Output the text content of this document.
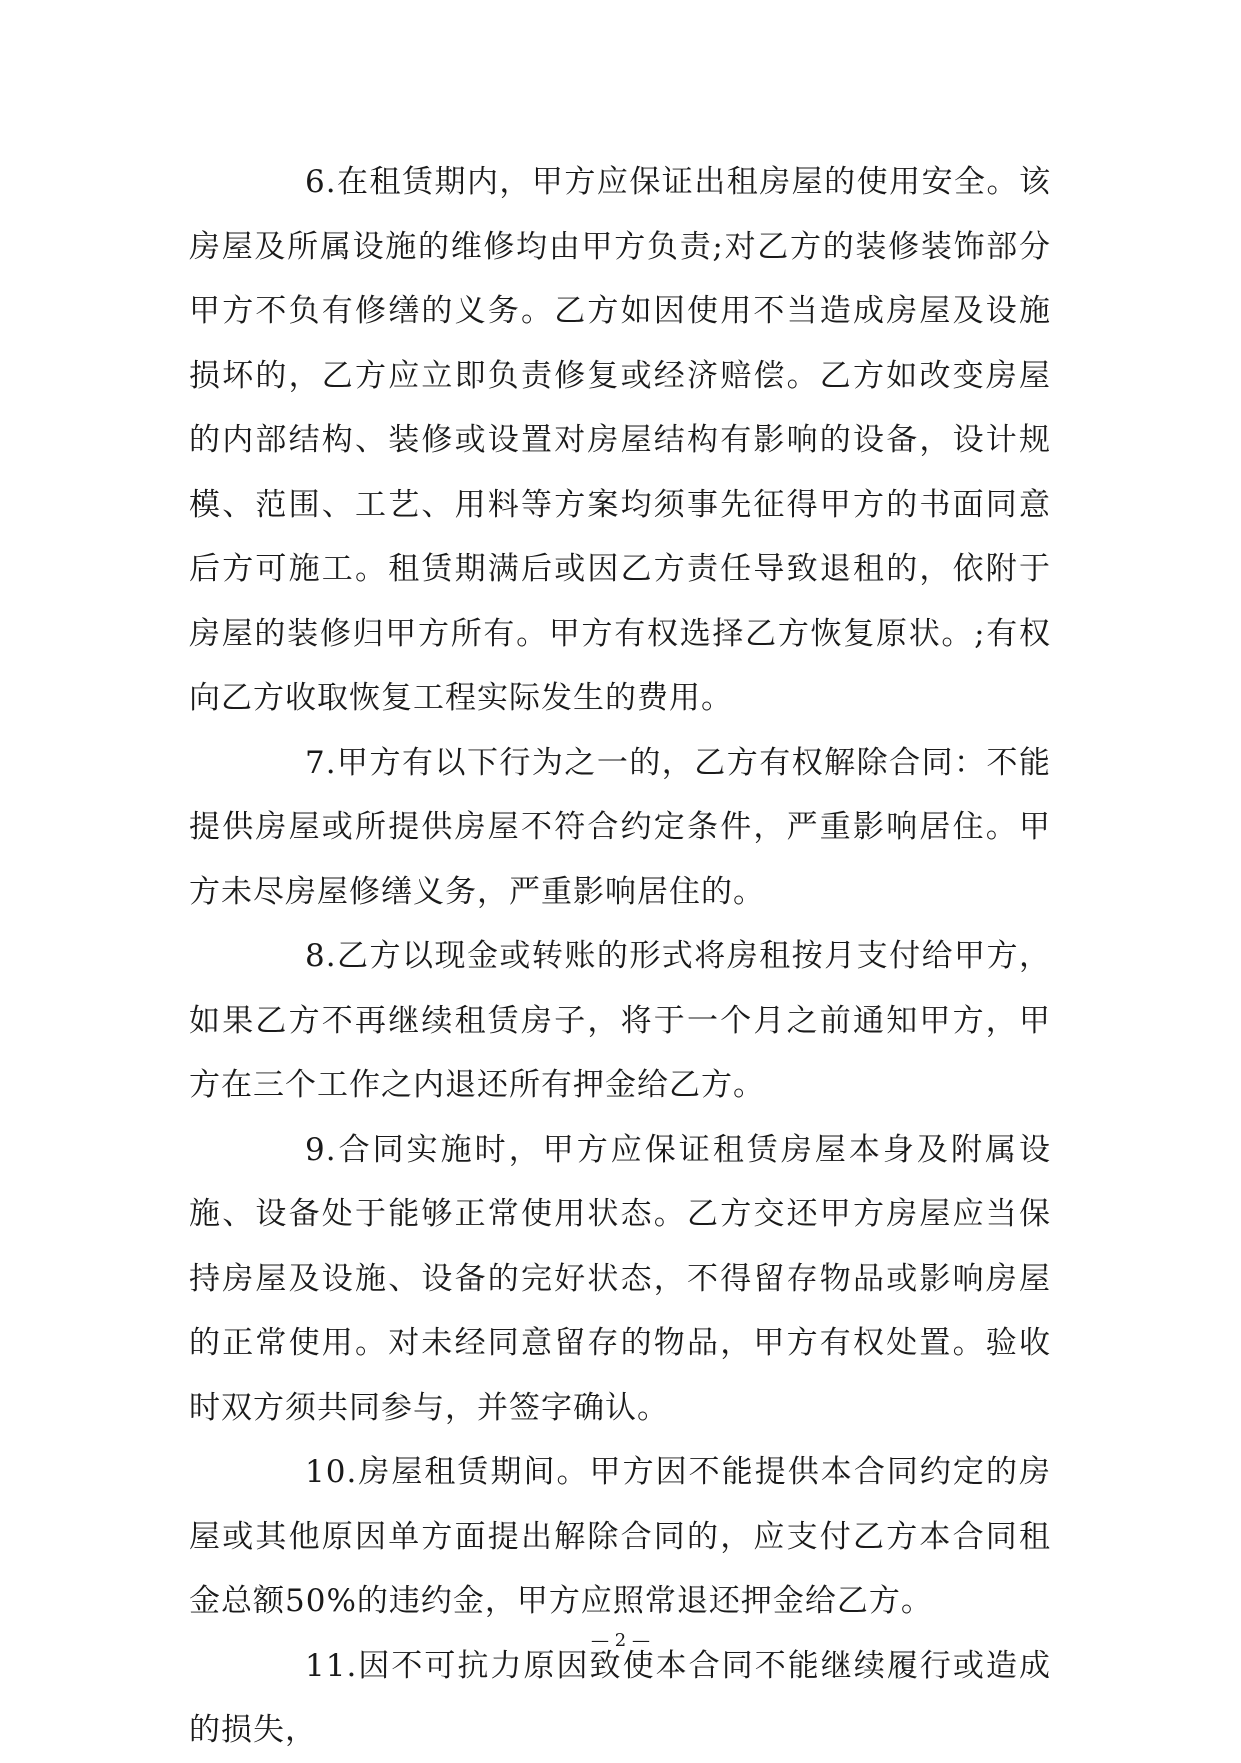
6.在租赁期内，甲方应保证出租房屋的使用安全。该房屋及所属设施的维修均由甲方负责;对乙方的装修装饰部分甲方不负有修缮的义务。乙方如因使用不当造成房屋及设施损坏的，乙方应立即负责修复或经济赔偿。乙方如改变房屋的内部结构、装修或设置对房屋结构有影响的设备，设计规模、范围、工艺、用料等方案均须事先征得甲方的书面同意后方可施工。租赁期满后或因乙方责任导致退租的，依附于房屋的装修归甲方所有。甲方有权选择乙方恢复原状。;有权向乙方收取恢复工程实际发生的费用。

7.甲方有以下行为之一的，乙方有权解除合同：不能提供房屋或所提供房屋不符合约定条件，严重影响居住。甲方未尽房屋修缮义务，严重影响居住的。

8.乙方以现金或转账的形式将房租按月支付给甲方，如果乙方不再继续租赁房子，将于一个月之前通知甲方，甲方在三个工作之内退还所有押金给乙方。

9.合同实施时，甲方应保证租赁房屋本身及附属设施、设备处于能够正常使用状态。乙方交还甲方房屋应当保持房屋及设施、设备的完好状态，不得留存物品或影响房屋的正常使用。对未经同意留存的物品，甲方有权处置。验收时双方须共同参与，并签字确认。

10.房屋租赁期间。甲方因不能提供本合同约定的房屋或其他原因单方面提出解除合同的，应支付乙方本合同租金总额50%的违约金，甲方应照常退还押金给乙方。

11.因不可抗力原因致使本合同不能继续履行或造成的损失，

— 2 —
